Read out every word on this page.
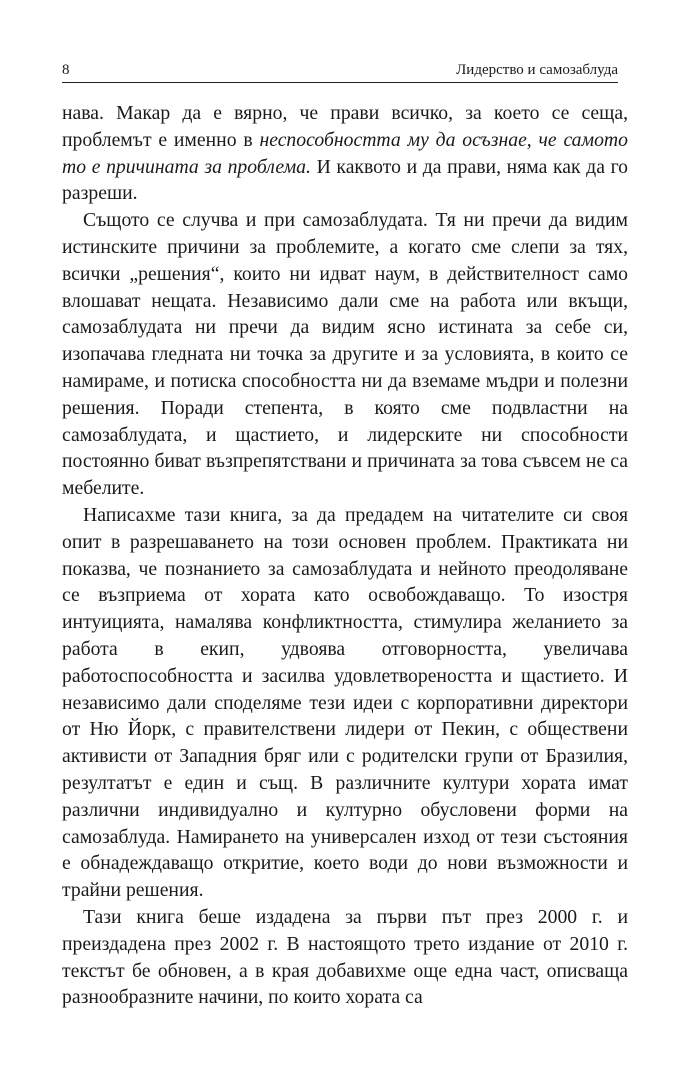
8	Лидерство и самозаблуда

нава. Макар да е вярно, че прави всичко, за което се сеща, проблемът е именно в неспособността му да осъзнае, че самото то е причината за проблема. И каквото и да прави, няма как да го разреши.

Същото се случва и при самозаблудата. Тя ни пречи да видим истинските причини за проблемите, а когато сме слепи за тях, всички „решения“, които ни идват наум, в действителност само влошават нещата. Независимо дали сме на работа или вкъщи, самозаблудата ни пречи да видим ясно истината за себе си, изопачава гледната ни точка за другите и за условията, в които се намираме, и потиска способността ни да вземаме мъдри и полезни решения. Поради степента, в която сме подвластни на самозаблудата, и щастието, и лидерските ни способности постоянно биват възпрепятствани и причината за това съвсем не са мебелите.

Написахме тази книга, за да предадем на читателите си своя опит в разрешаването на този основен проблем. Практиката ни показва, че познанието за самозаблудата и нейното преодоляване се възприема от хората като освобождаващо. То изостря интуицията, намалява конфликтността, стимулира желанието за работа в екип, удвоява отговорността, увеличава работоспособността и засилва удовлетвореността и щастието. И независимо дали споделяме тези идеи с корпоративни директори от Ню Йорк, с правителствени лидери от Пекин, с обществени активисти от Западния бряг или с родителски групи от Бразилия, резултатът е един и същ. В различните култури хората имат различни индивидуално и културно обусловени форми на самозаблуда. Намирането на универсален изход от тези състояния е обнадеждаващо откритие, което води до нови възможности и трайни решения.

Тази книга беше издадена за първи път през 2000 г. и преиздадена през 2002 г. В настоящото трето издание от 2010 г. текстът бе обновен, а в края добавихме още една част, описваща разнообразните начини, по които хората са
